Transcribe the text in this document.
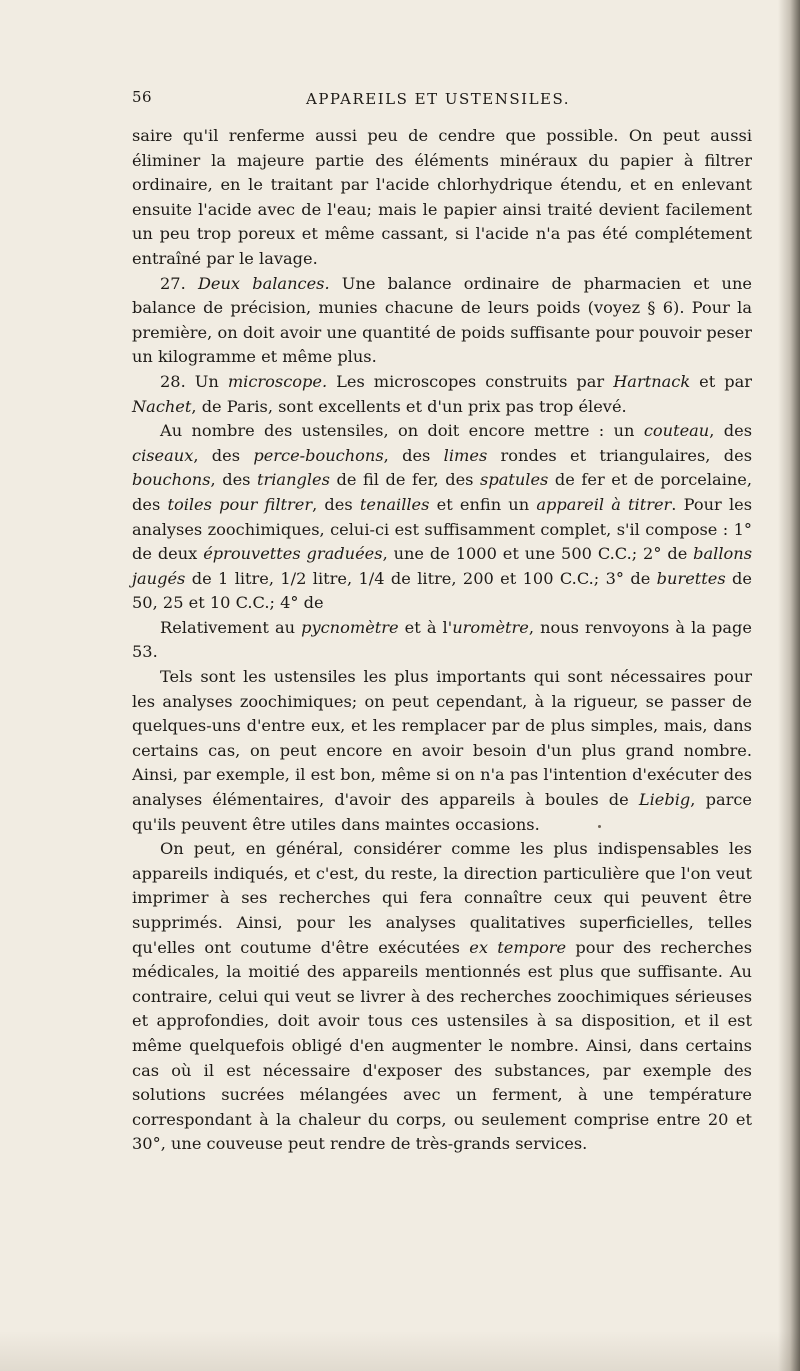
56	APPAREILS ET USTENSILES.

saire qu'il renferme aussi peu de cendre que possible. On peut aussi éliminer la majeure partie des éléments minéraux du papier à filtrer ordinaire, en le traitant par l'acide chlorhydrique étendu, et en enlevant ensuite l'acide avec de l'eau; mais le papier ainsi traité devient facilement un peu trop poreux et même cassant, si l'acide n'a pas été complétement entraîné par le lavage.

27. Deux balances. Une balance ordinaire de pharmacien et une balance de précision, munies chacune de leurs poids (voyez § 6). Pour la première, on doit avoir une quantité de poids suffisante pour pouvoir peser un kilogramme et même plus.

28. Un microscope. Les microscopes construits par Hartnack et par Nachet, de Paris, sont excellents et d'un prix pas trop élevé.

Au nombre des ustensiles, on doit encore mettre : un couteau, des ciseaux, des perce-bouchons, des limes rondes et triangulaires, des bouchons, des triangles de fil de fer, des spatules de fer et de porcelaine, des toiles pour filtrer, des tenailles et enfin un appareil à titrer. Pour les analyses zoochimiques, celui-ci est suffisamment complet, s'il compose : 1° de deux éprouvettes graduées, une de 1000 et une 500 C.C.; 2° de ballons jaugés de 1 litre, 1/2 litre, 1/4 de litre, 200 et 100 C.C.; 3° de burettes de 50, 25 et 10 C.C.; 4° de

Relativement au pycnomètre et à l'uromètre, nous renvoyons à la page 53.

Tels sont les ustensiles les plus importants qui sont nécessaires pour les analyses zoochimiques; on peut cependant, à la rigueur, se passer de quelques-uns d'entre eux, et les remplacer par de plus simples, mais, dans certains cas, on peut encore en avoir besoin d'un plus grand nombre. Ainsi, par exemple, il est bon, même si on n'a pas l'intention d'exécuter des analyses élémentaires, d'avoir des appareils à boules de Liebig, parce qu'ils peuvent être utiles dans maintes occasions.

On peut, en général, considérer comme les plus indispensables les appareils indiqués, et c'est, du reste, la direction particulière que l'on veut imprimer à ses recherches qui fera connaître ceux qui peuvent être supprimés. Ainsi, pour les analyses qualitatives superficielles, telles qu'elles ont coutume d'être exécutées ex tempore pour des recherches médicales, la moitié des appareils mentionnés est plus que suffisante. Au contraire, celui qui veut se livrer à des recherches zoochimiques sérieuses et approfondies, doit avoir tous ces ustensiles à sa disposition, et il est même quelquefois obligé d'en augmenter le nombre. Ainsi, dans certains cas où il est nécessaire d'exposer des substances, par exemple des solutions sucrées mélangées avec un ferment, à une température correspondant à la chaleur du corps, ou seulement comprise entre 20 et 30°, une couveuse peut rendre de très-grands services.
